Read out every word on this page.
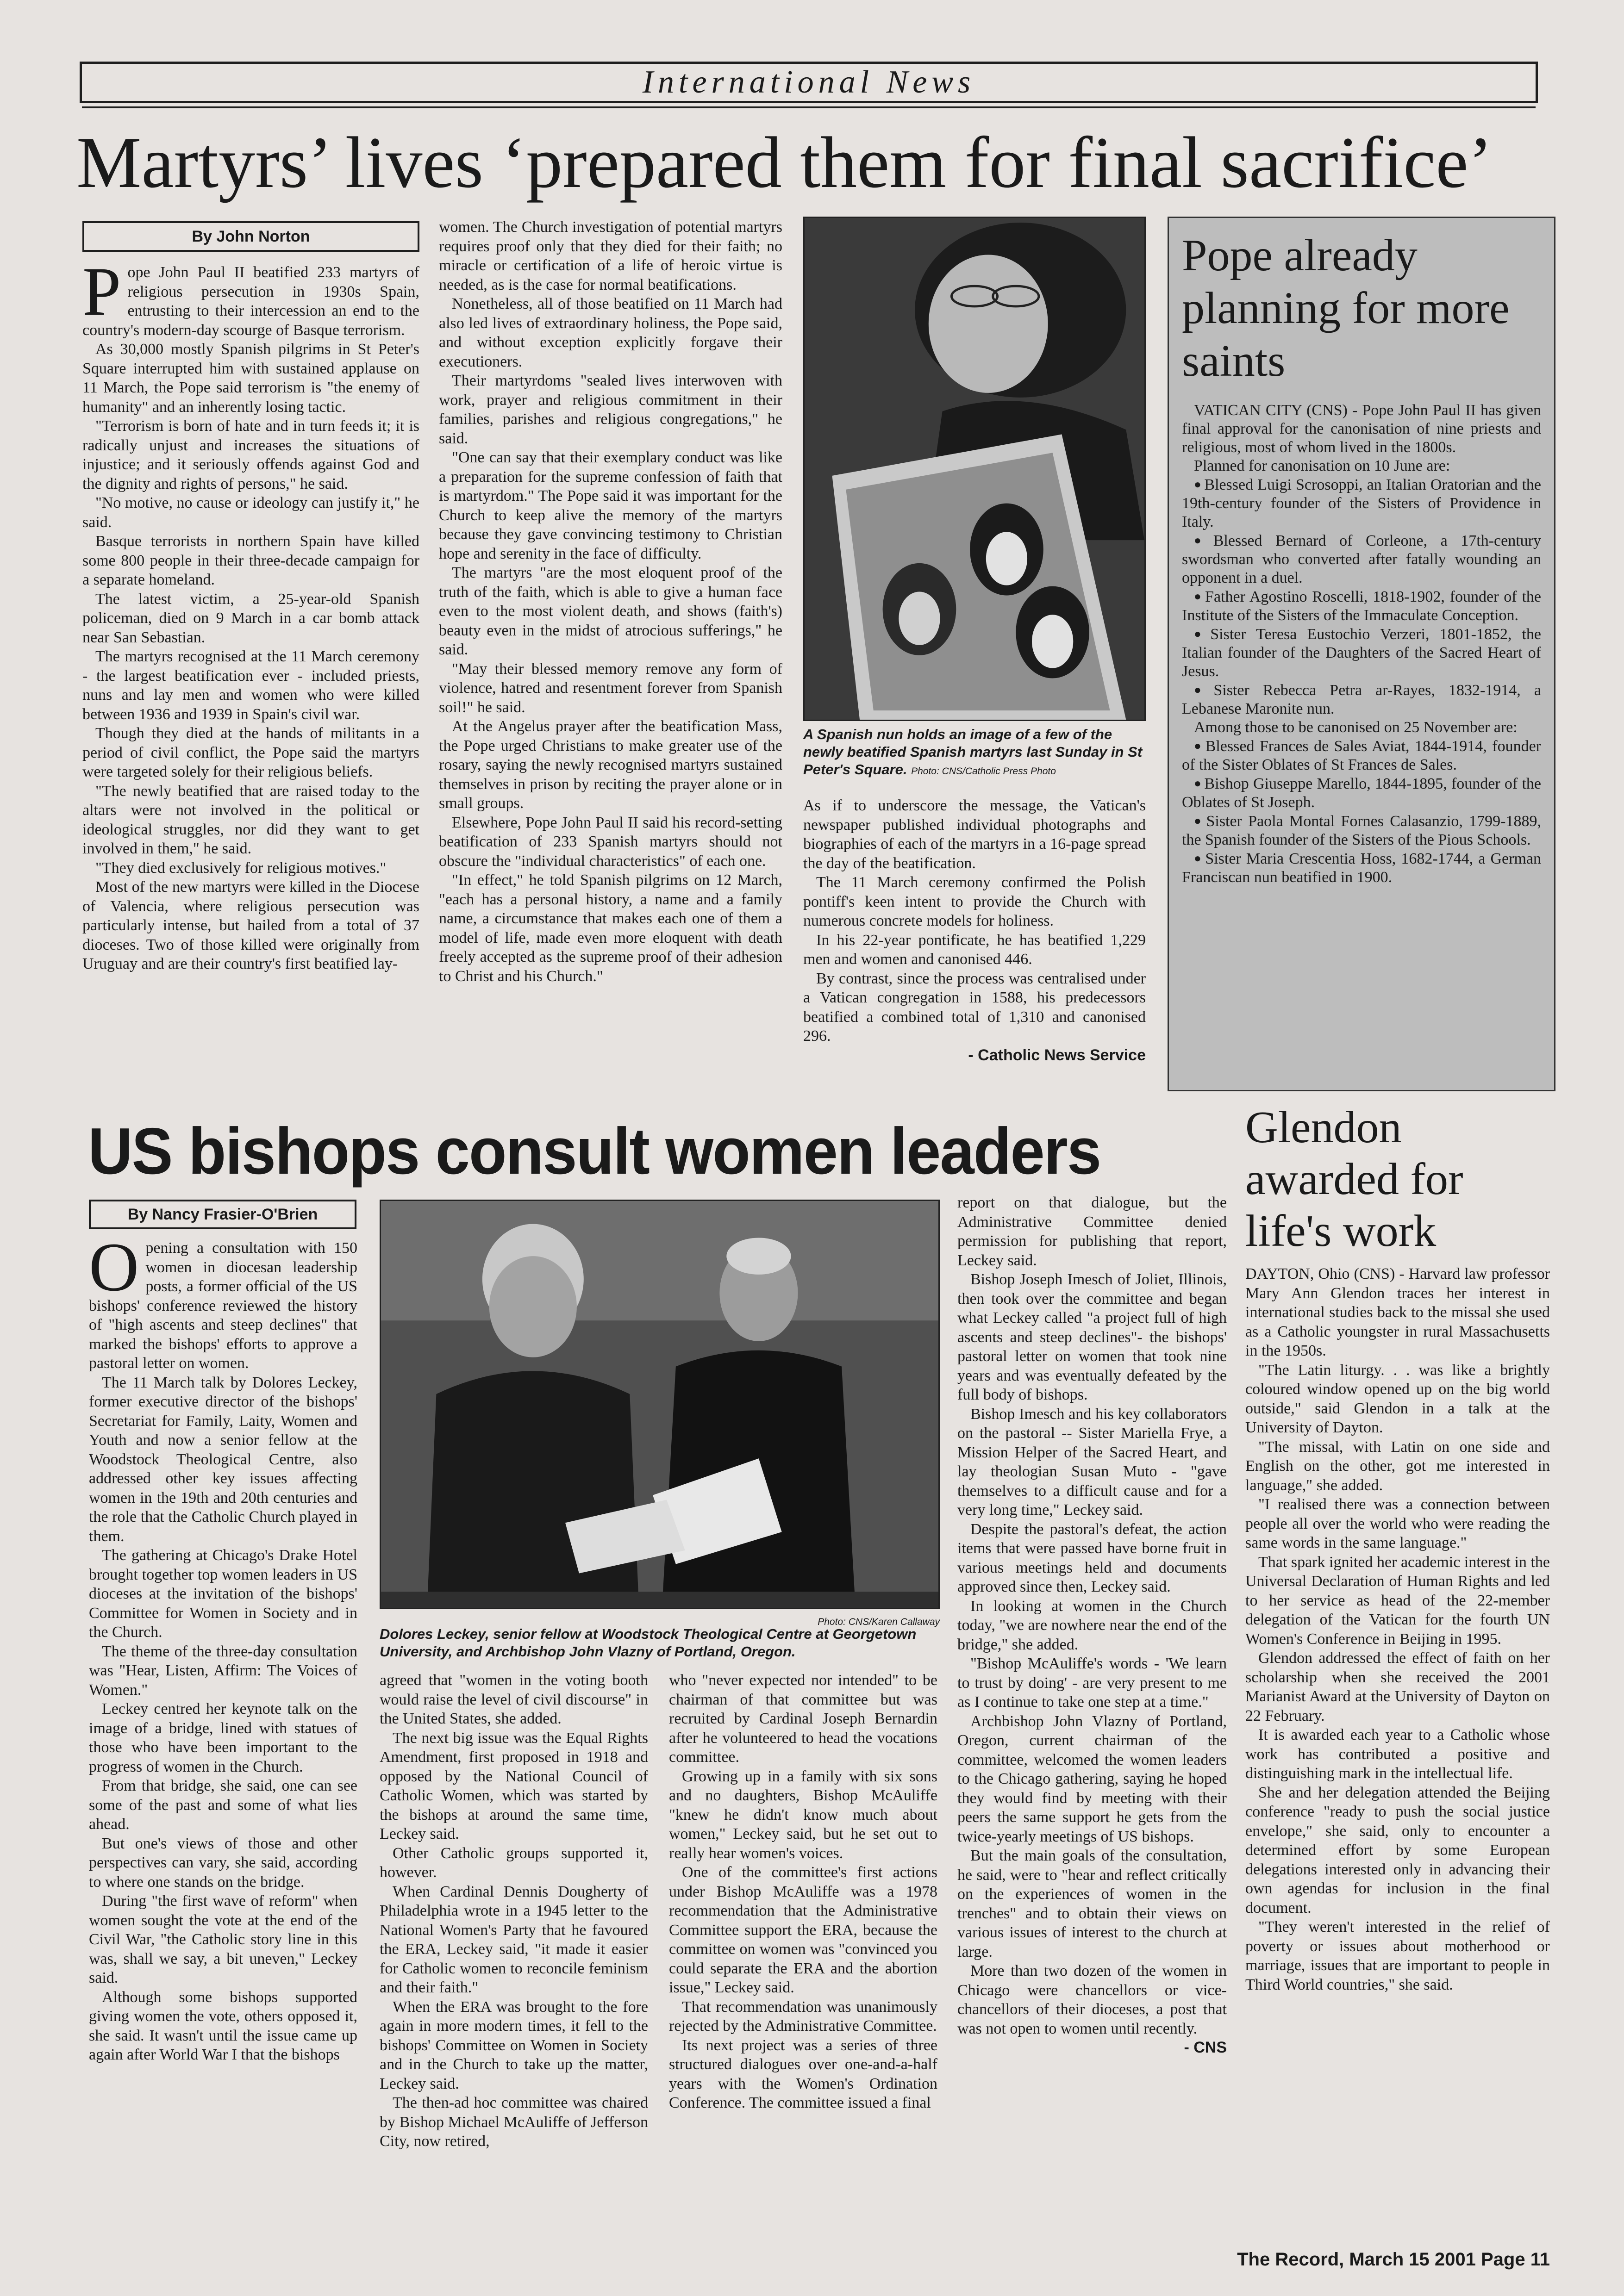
International News
Martyrs’ lives ‘prepared them for final sacrifice’
By John Norton

Pope John Paul II beatified 233 martyrs of religious persecution in 1930s Spain, entrusting to their intercession an end to the country's modern-day scourge of Basque terrorism.

As 30,000 mostly Spanish pilgrims in St Peter's Square interrupted him with sustained applause on 11 March, the Pope said terrorism is "the enemy of humanity" and an inherently losing tactic.

"Terrorism is born of hate and in turn feeds it; it is radically unjust and increases the situations of injustice; and it seriously offends against God and the dignity and rights of persons," he said.

"No motive, no cause or ideology can justify it," he said.

Basque terrorists in northern Spain have killed some 800 people in their three-decade campaign for a separate homeland.

The latest victim, a 25-year-old Spanish policeman, died on 9 March in a car bomb attack near San Sebastian.

The martyrs recognised at the 11 March ceremony - the largest beatification ever - included priests, nuns and lay men and women who were killed between 1936 and 1939 in Spain's civil war.

Though they died at the hands of militants in a period of civil conflict, the Pope said the martyrs were targeted solely for their religious beliefs.

"The newly beatified that are raised today to the altars were not involved in the political or ideological struggles, nor did they want to get involved in them," he said.

"They died exclusively for religious motives."

Most of the new martyrs were killed in the Diocese of Valencia, where religious persecution was particularly intense, but hailed from a total of 37 dioceses. Two of those killed were originally from Uruguay and are their country's first beatified lay-

women. The Church investigation of potential martyrs requires proof only that they died for their faith; no miracle or certification of a life of heroic virtue is needed, as is the case for normal beatifications.

Nonetheless, all of those beatified on 11 March had also led lives of extraordinary holiness, the Pope said, and without exception explicitly forgave their executioners.

Their martyrdoms "sealed lives interwoven with work, prayer and religious commitment in their families, parishes and religious congregations," he said.

"One can say that their exemplary conduct was like a preparation for the supreme confession of faith that is martyrdom." The Pope said it was important for the Church to keep alive the memory of the martyrs because they gave convincing testimony to Christian hope and serenity in the face of difficulty.

The martyrs "are the most eloquent proof of the truth of the faith, which is able to give a human face even to the most violent death, and shows (faith's) beauty even in the midst of atrocious sufferings," he said.

"May their blessed memory remove any form of violence, hatred and resentment forever from Spanish soil!" he said.

At the Angelus prayer after the beatification Mass, the Pope urged Christians to make greater use of the rosary, saying the newly recognised martyrs sustained themselves in prison by reciting the prayer alone or in small groups.

Elsewhere, Pope John Paul II said his record-setting beatification of 233 Spanish martyrs should not obscure the "individual characteristics" of each one.

"In effect," he told Spanish pilgrims on 12 March, "each has a personal history, a name and a family name, a circumstance that makes each one of them a model of life, made even more eloquent with death freely accepted as the supreme proof of their adhesion to Christ and his Church."

A Spanish nun holds an image of a few of the newly beatified Spanish martyrs last Sunday in St Peter's Square. Photo: CNS/Catholic Press Photo

As if to underscore the message, the Vatican's newspaper published individual photographs and biographies of each of the martyrs in a 16-page spread the day of the beatification.

The 11 March ceremony confirmed the Polish pontiff's keen intent to provide the Church with numerous concrete models for holiness.

In his 22-year pontificate, he has beatified 1,229 men and women and canonised 446.

By contrast, since the process was centralised under a Vatican congregation in 1588, his predecessors beatified a combined total of 1,310 and canonised 296.

- Catholic News Service
Pope already planning for more saints

VATICAN CITY (CNS) - Pope John Paul II has given final approval for the canonisation of nine priests and religious, most of whom lived in the 1800s.

Planned for canonisation on 10 June are:

● Blessed Luigi Scrosoppi, an Italian Oratorian and the 19th-century founder of the Sisters of Providence in Italy.

● Blessed Bernard of Corleone, a 17th-century swordsman who converted after fatally wounding an opponent in a duel.

● Father Agostino Roscelli, 1818-1902, founder of the Institute of the Sisters of the Immaculate Conception.

● Sister Teresa Eustochio Verzeri, 1801-1852, the Italian founder of the Daughters of the Sacred Heart of Jesus.

● Sister Rebecca Petra ar-Rayes, 1832-1914, a Lebanese Maronite nun.

Among those to be canonised on 25 November are:

● Blessed Frances de Sales Aviat, 1844-1914, founder of the Sister Oblates of St Frances de Sales.

● Bishop Giuseppe Marello, 1844-1895, founder of the Oblates of St Joseph.

● Sister Paola Montal Fornes Calasanzio, 1799-1889, the Spanish founder of the Sisters of the Pious Schools.

● Sister Maria Crescentia Hoss, 1682-1744, a German Franciscan nun beatified in 1900.

US bishops consult women leaders
By Nancy Frasier-O'Brien

Opening a consultation with 150 women in diocesan leadership posts, a former official of the US bishops' conference reviewed the history of "high ascents and steep declines" that marked the bishops' efforts to approve a pastoral letter on women.

The 11 March talk by Dolores Leckey, former executive director of the bishops' Secretariat for Family, Laity, Women and Youth and now a senior fellow at the Woodstock Theological Centre, also addressed other key issues affecting women in the 19th and 20th centuries and the role that the Catholic Church played in them.

The gathering at Chicago's Drake Hotel brought together top women leaders in US dioceses at the invitation of the bishops' Committee for Women in Society and in the Church.

The theme of the three-day consultation was "Hear, Listen, Affirm: The Voices of Women."

Leckey centred her keynote talk on the image of a bridge, lined with statues of those who have been important to the progress of women in the Church.

From that bridge, she said, one can see some of the past and some of what lies ahead.

But one's views of those and other perspectives can vary, she said, according to where one stands on the bridge.

During "the first wave of reform" when women sought the vote at the end of the Civil War, "the Catholic story line in this was, shall we say, a bit uneven," Leckey said.

Although some bishops supported giving women the vote, others opposed it, she said. It wasn't until the issue came up again after World War I that the bishops

Photo: CNS/Karen Callaway
Dolores Leckey, senior fellow at Woodstock Theological Centre at Georgetown University, and Archbishop John Vlazny of Portland, Oregon.

agreed that "women in the voting booth would raise the level of civil discourse" in the United States, she added.

The next big issue was the Equal Rights Amendment, first proposed in 1918 and opposed by the National Council of Catholic Women, which was started by the bishops at around the same time, Leckey said.

Other Catholic groups supported it, however.

When Cardinal Dennis Dougherty of Philadelphia wrote in a 1945 letter to the National Women's Party that he favoured the ERA, Leckey said, "it made it easier for Catholic women to reconcile feminism and their faith."

When the ERA was brought to the fore again in more modern times, it fell to the bishops' Committee on Women in Society and in the Church to take up the matter, Leckey said.

The then-ad hoc committee was chaired by Bishop Michael McAuliffe of Jefferson City, now retired,

who "never expected nor intended" to be chairman of that committee but was recruited by Cardinal Joseph Bernardin after he volunteered to head the vocations committee.

Growing up in a family with six sons and no daughters, Bishop McAuliffe "knew he didn't know much about women," Leckey said, but he set out to really hear women's voices.

One of the committee's first actions under Bishop McAuliffe was a 1978 recommendation that the Administrative Committee support the ERA, because the committee on women was "convinced you could separate the ERA and the abortion issue," Leckey said.

That recommendation was unanimously rejected by the Administrative Committee.

Its next project was a series of three structured dialogues over one-and-a-half years with the Women's Ordination Conference. The committee issued a final

report on that dialogue, but the Administrative Committee denied permission for publishing that report, Leckey said.

Bishop Joseph Imesch of Joliet, Illinois, then took over the committee and began what Leckey called "a project full of high ascents and steep declines"- the bishops' pastoral letter on women that took nine years and was eventually defeated by the full body of bishops.

Bishop Imesch and his key collaborators on the pastoral -- Sister Mariella Frye, a Mission Helper of the Sacred Heart, and lay theologian Susan Muto - "gave themselves to a difficult cause and for a very long time," Leckey said.

Despite the pastoral's defeat, the action items that were passed have borne fruit in various meetings held and documents approved since then, Leckey said.

In looking at women in the Church today, "we are nowhere near the end of the bridge," she added.

"Bishop McAuliffe's words - 'We learn to trust by doing' - are very present to me as I continue to take one step at a time."

Archbishop John Vlazny of Portland, Oregon, current chairman of the committee, welcomed the women leaders to the Chicago gathering, saying he hoped they would find by meeting with their peers the same support he gets from the twice-yearly meetings of US bishops.

But the main goals of the consultation, he said, were to "hear and reflect critically on the experiences of women in the trenches" and to obtain their views on various issues of interest to the church at large.

More than two dozen of the women in Chicago were chancellors or vice-chancellors of their dioceses, a post that was not open to women until recently.

- CNS
Glendon awarded for life's work

DAYTON, Ohio (CNS) - Harvard law professor Mary Ann Glendon traces her interest in international studies back to the missal she used as a Catholic youngster in rural Massachusetts in the 1950s.

"The Latin liturgy. . . was like a brightly coloured window opened up on the big world outside," said Glendon in a talk at the University of Dayton.

"The missal, with Latin on one side and English on the other, got me interested in language," she added.

"I realised there was a connection between people all over the world who were reading the same words in the same language."

That spark ignited her academic interest in the Universal Declaration of Human Rights and led to her service as head of the 22-member delegation of the Vatican for the fourth UN Women's Conference in Beijing in 1995.

Glendon addressed the effect of faith on her scholarship when she received the 2001 Marianist Award at the University of Dayton on 22 February.

It is awarded each year to a Catholic whose work has contributed a positive and distinguishing mark in the intellectual life.

She and her delegation attended the Beijing conference "ready to push the social justice envelope," she said, only to encounter a determined effort by some European delegations interested only in advancing their own agendas for inclusion in the final document.

"They weren't interested in the relief of poverty or issues about motherhood or marriage, issues that are important to people in Third World countries," she said.

The Record, March 15 2001 Page 11
